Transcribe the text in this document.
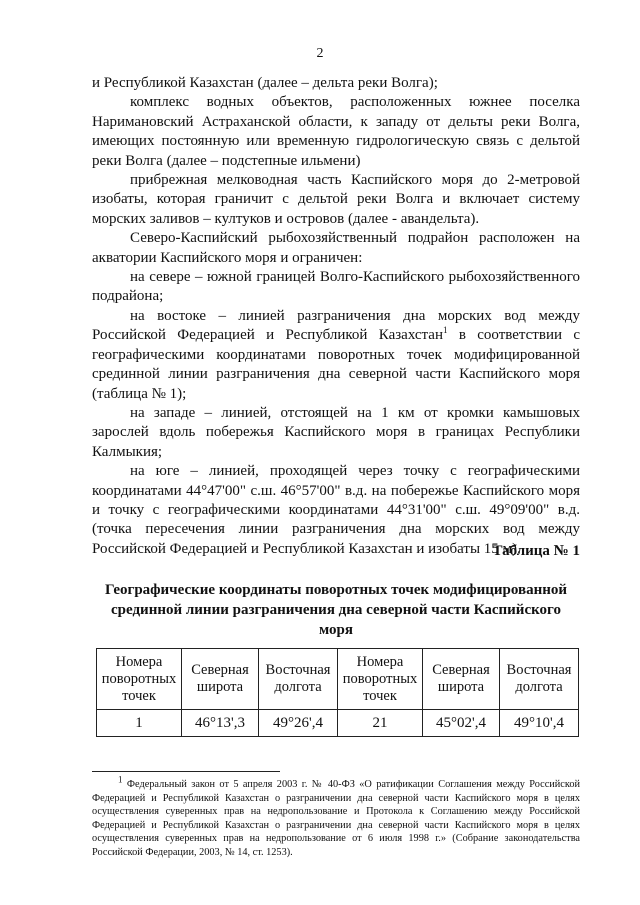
2

и Республикой Казахстан (далее – дельта реки Волга);

комплекс водных объектов, расположенных южнее поселка Наримановский Астраханской области, к западу от дельты реки Волга, имеющих постоянную или временную гидрологическую связь с дельтой реки Волга (далее – подстепные ильмени)

прибрежная мелководная часть Каспийского моря до 2-метровой изобаты, которая граничит с дельтой реки Волга и включает систему морских заливов – култуков и островов (далее - авандельта).

Северо-Каспийский рыбохозяйственный подрайон расположен на акватории Каспийского моря и ограничен:

на севере – южной границей Волго-Каспийского рыбохозяйственного подрайона;

на востоке – линией разграничения дна морских вод между Российской Федерацией и Республикой Казахстан$^1$ в соответствии с географическими координатами поворотных точек модифицированной срединной линии разграничения дна северной части Каспийского моря (таблица № 1);

на западе – линией, отстоящей на 1 км от кромки камышовых зарослей вдоль побережья Каспийского моря в границах Республики Калмыкия;

на юге – линией, проходящей через точку с географическими координатами 44°47'00" с.ш. 46°57'00" в.д. на побережье Каспийского моря и точку с географическими координатами 44°31'00" с.ш. 49°09'00" в.д. (точка пересечения линии разграничения дна морских вод между Российской Федерацией и Республикой Казахстан и изобаты 15 м).

Таблица № 1
Географические координаты поворотных точек модифицированной срединной линии разграничения дна северной части Каспийского моря
Номера поворотных точек	Северная широта	Восточная долгота	Номера поворотных точек	Северная широта	Восточная долгота
1	46°13',3	49°26',4	21	45°02',4	49°10',4
$^1$ Федеральный закон от 5 апреля 2003 г. № 40-ФЗ «О ратификации Соглашения между Российской Федерацией и Республикой Казахстан о разграничении дна северной части Каспийского моря в целях осуществления суверенных прав на недропользование и Протокола к Соглашению между Российской Федерацией и Республикой Казахстан о разграничении дна северной части Каспийского моря в целях осуществления суверенных прав на недропользование от 6 июля 1998 г.» (Собрание законодательства Российской Федерации, 2003, № 14, ст. 1253).
